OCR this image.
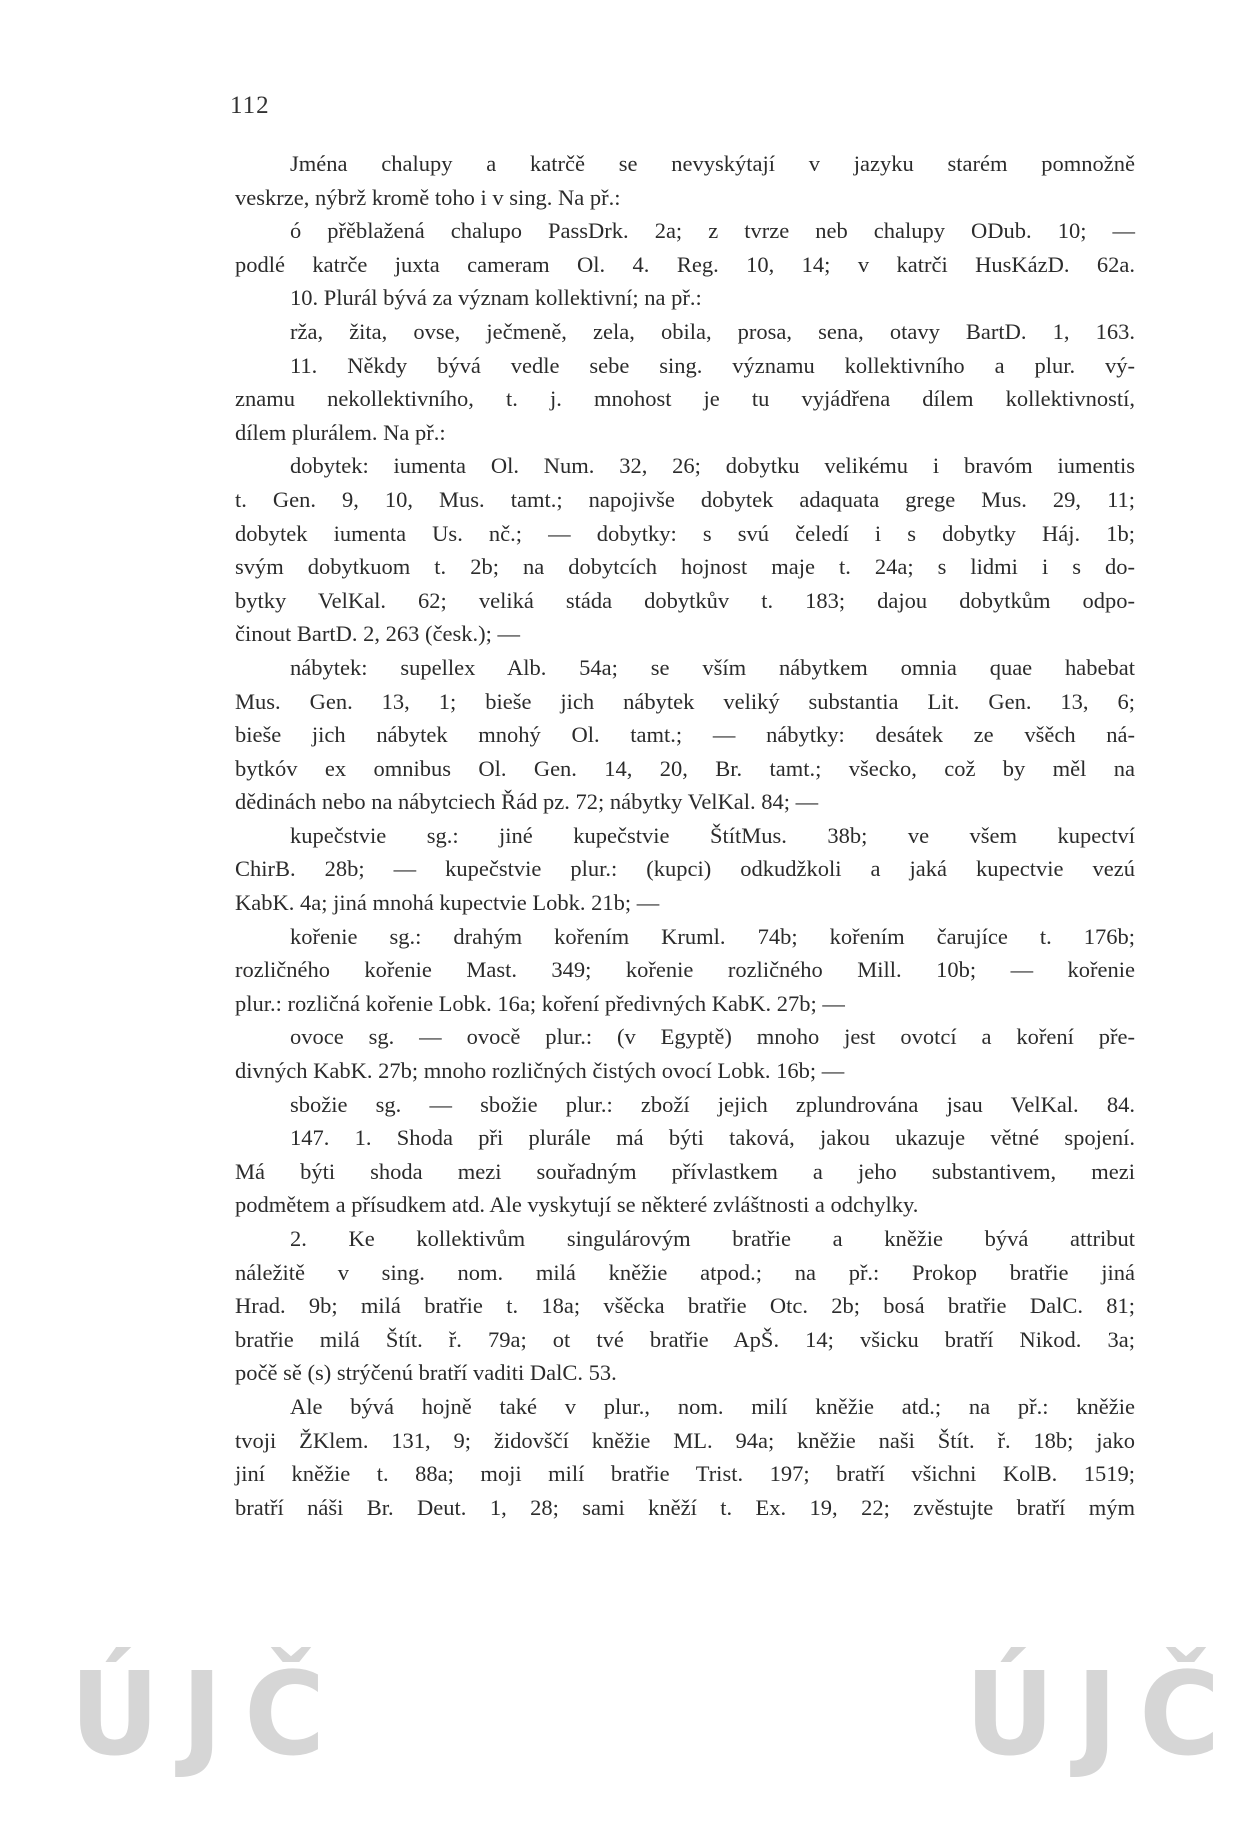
112
Jména chalupy a katrčě se nevyskýtají v jazyku starém pomnožně
veskrze, nýbrž kromě toho i v sing. Na př.:
ó přěblažená chalupo PassDrk. 2a; z tvrze neb chalupy ODub. 10; —
podlé katrče juxta cameram Ol. 4. Reg. 10, 14; v katrči HusKázD. 62a.
10. Plurál bývá za význam kollektivní; na př.:
rža, žita, ovse, ječmeně, zela, obila, prosa, sena, otavy BartD. 1, 163.
11. Někdy bývá vedle sebe sing. významu kollektivního a plur. vý-
znamu nekollektivního, t. j. mnohost je tu vyjádřena dílem kollektivností,
dílem plurálem. Na př.:
dobytek: iumenta Ol. Num. 32, 26; dobytku velikému i bravóm iumentis
t. Gen. 9, 10, Mus. tamt.; napojivše dobytek adaquata grege Mus. 29, 11;
dobytek iumenta Us. nč.; — dobytky: s svú čeledí i s dobytky Háj. 1b;
svým dobytkuom t. 2b; na dobytcích hojnost maje t. 24a; s lidmi i s do-
bytky VelKal. 62; veliká stáda dobytkův t. 183; dajou dobytkům odpo-
činout BartD. 2, 263 (česk.); —
nábytek: supellex Alb. 54a; se vším nábytkem omnia quae habebat
Mus. Gen. 13, 1; bieše jich nábytek veliký substantia Lit. Gen. 13, 6;
bieše jich nábytek mnohý Ol. tamt.; — nábytky: desátek ze všěch ná-
bytkóv ex omnibus Ol. Gen. 14, 20, Br. tamt.; všecko, což by měl na
dědinách nebo na nábytciech Řád pz. 72; nábytky VelKal. 84; —
kupečstvie sg.: jiné kupečstvie ŠtítMus. 38b; ve všem kupectví
ChirB. 28b; — kupečstvie plur.: (kupci) odkudžkoli a jaká kupectvie vezú
KabK. 4a; jiná mnohá kupectvie Lobk. 21b; —
kořenie sg.: drahým kořením Kruml. 74b; kořením čarujíce t. 176b;
rozličného kořenie Mast. 349; kořenie rozličného Mill. 10b; — kořenie
plur.: rozličná kořenie Lobk. 16a; koření předivných KabK. 27b; —
ovoce sg. — ovocě plur.: (v Egyptě) mnoho jest ovotcí a koření pře-
divných KabK. 27b; mnoho rozličných čistých ovocí Lobk. 16b; —
sbožie sg. — sbožie plur.: zboží jejich zplundrována jsau VelKal. 84.
147. 1. Shoda při plurále má býti taková, jakou ukazuje větné spojení.
Má býti shoda mezi souřadným přívlastkem a jeho substantivem, mezi
podmětem a přísudkem atd. Ale vyskytují se některé zvláštnosti a odchylky.
2. Ke kollektivům singulárovým bratřie a kněžie bývá attribut
náležitě v sing. nom. milá kněžie atpod.; na př.: Prokop bratřie jiná
Hrad. 9b; milá bratřie t. 18a; všěcka bratřie Otc. 2b; bosá bratřie DalC. 81;
bratřie milá Štít. ř. 79a; ot tvé bratřie ApŠ. 14; všicku bratří Nikod. 3a;
počě sě (s) strýčenú bratří vaditi DalC. 53.
Ale bývá hojně také v plur., nom. milí kněžie atd.; na př.: kněžie
tvoji ŽKlem. 131, 9; židovščí kněžie ML. 94a; kněžie naši Štít. ř. 18b; jako
jiní kněžie t. 88a; moji milí bratřie Trist. 197; bratří všichni KolB. 1519;
bratří náši Br. Deut. 1, 28; sami kněží t. Ex. 19, 22; zvěstujte bratří mým
ÚJČ	ÚJČ
